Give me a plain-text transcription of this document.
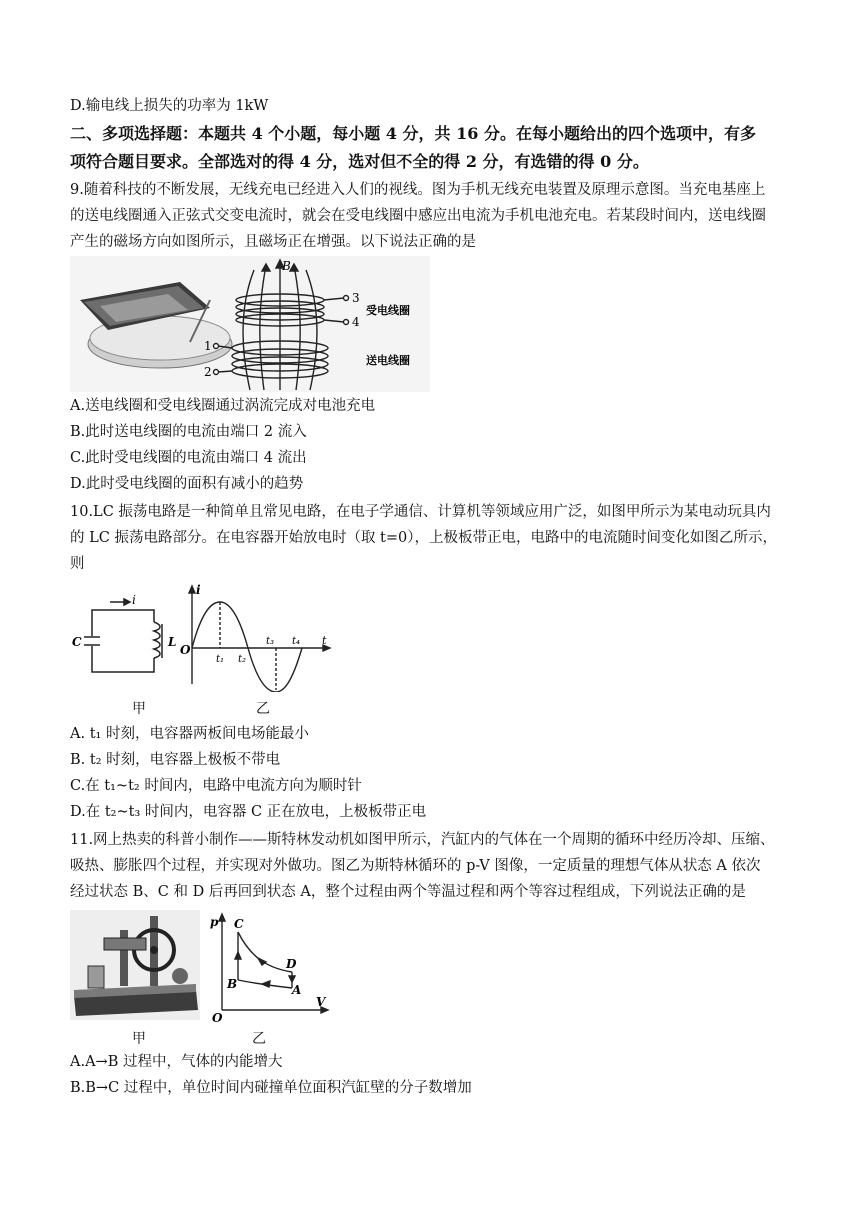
D.输电线上损失的功率为 1kW
二、多项选择题：本题共 4 个小题，每小题 4 分，共 16 分。在每小题给出的四个选项中，有多
项符合题目要求。全部选对的得 4 分，选对但不全的得 2 分，有选错的得 0 分。
9.随着科技的不断发展，无线充电已经进入人们的视线。图为手机无线充电装置及原理示意图。当充电基座上
的送电线圈通入正弦式交变电流时，就会在受电线圈中感应出电流为手机电池充电。若某段时间内，送电线圈
产生的磁场方向如图所示，且磁场正在增强。以下说法正确的是
B
3
4
1
2
受电线圈
送电线圈
A.送电线圈和受电线圈通过涡流完成对电池充电
B.此时送电线圈的电流由端口 2 流入
C.此时受电线圈的电流由端口 4 流出
D.此时受电线圈的面积有减小的趋势
10.LC 振荡电路是一种简单且常见电路，在电子学通信、计算机等领域应用广泛，如图甲所示为某电动玩具内
的 LC 振荡电路部分。在电容器开始放电时（取 t=0），上极板带正电，电路中的电流随时间变化如图乙所示，
则
i
C	L
i
t
O
t₁ t₂
t₃ t₄
甲	乙
A. t₁ 时刻，电容器两板间电场能最小
B. t₂ 时刻，电容器上极板不带电
C.在 t₁~t₂ 时间内，电路中电流方向为顺时针
D.在 t₂~t₃ 时间内，电容器 C 正在放电，上极板带正电
11.网上热卖的科普小制作——斯特林发动机如图甲所示，汽缸内的气体在一个周期的循环中经历冷却、压缩、
吸热、膨胀四个过程，并实现对外做功。图乙为斯特林循环的 p-V 图像，一定质量的理想气体从状态 A 依次
经过状态 B、C 和 D 后再回到状态 A，整个过程由两个等温过程和两个等容过程组成，下列说法正确的是
p
V
O
A
B
C
D
甲	乙
A.A→B 过程中，气体的内能增大
B.B→C 过程中，单位时间内碰撞单位面积汽缸壁的分子数增加
